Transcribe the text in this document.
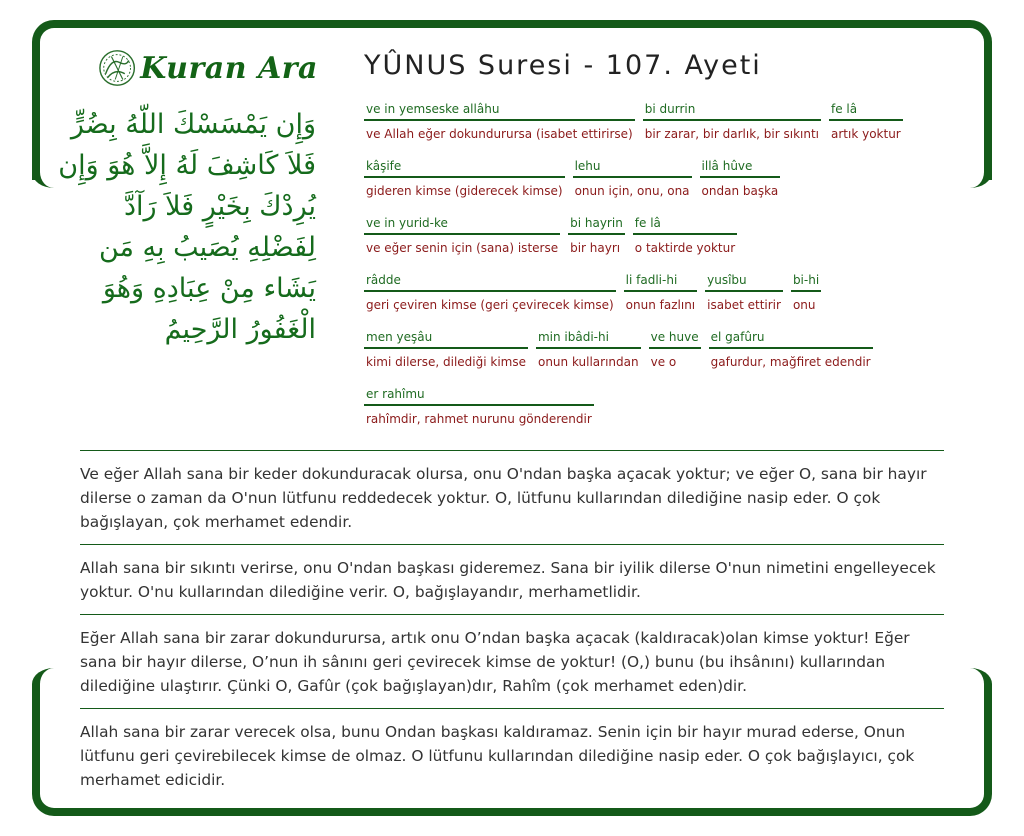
Kuran Ara
وَإِن يَمْسَسْكَ اللّهُ بِضُرٍّ فَلاَ كَاشِفَ لَهُ إِلاَّ هُوَ وَإِن يُرِدْكَ بِخَيْرٍ فَلاَ رَآدَّ لِفَضْلِهِ يُصَيبُ بِهِ مَن يَشَاء مِنْ عِبَادِهِ وَهُوَ الْغَفُورُ الرَّحِيمُ
YÛNUS Suresi - 107. Ayeti
ve in yemseske allâhu
ve Allah eğer dokundurursa (isabet ettirirse)
bi durrin
bir zarar, bir darlık, bir sıkıntı
fe lâ
artık yoktur
kâşife
gideren kimse (giderecek kimse)
lehu
onun için, onu, ona
illâ hûve
ondan başka
ve in yurid-ke
ve eğer senin için (sana) isterse
bi hayrin
bir hayrı
fe lâ
o taktirde yoktur
râdde
geri çeviren kimse (geri çevirecek kimse)
li fadli-hi
onun fazlını
yusîbu
isabet ettirir
bi-hi
onu
men yeşâu
kimi dilerse, dilediği kimse
min ibâdi-hi
onun kullarından
ve huve
ve o
el gafûru
gafurdur, mağfiret edendir
er rahîmu
rahîmdir, rahmet nurunu gönderendir

Ve eğer Allah sana bir keder dokunduracak olursa, onu O'ndan başka açacak yoktur; ve eğer O, sana bir hayır dilerse o zaman da O'nun lütfunu reddedecek yoktur. O, lütfunu kullarından dilediğine nasip eder. O çok bağışlayan, çok merhamet edendir.

Allah sana bir sıkıntı verirse, onu O'ndan başkası gideremez. Sana bir iyilik dilerse O'nun nimetini engelleyecek yoktur. O'nu kullarından dilediğine verir. O, bağışlayandır, merhametlidir.

Eğer Allah sana bir zarar dokundurursa, artık onu O’ndan başka açacak (kaldıracak)olan kimse yoktur! Eğer sana bir hayır dilerse, O’nun ih sânını geri çevirecek kimse de yoktur! (O,) bunu (bu ihsânını) kullarından dilediğine ulaştırır. Çünki O, Gafûr (çok bağışlayan)dır, Rahîm (çok merhamet eden)dir.

Allah sana bir zarar verecek olsa, bunu Ondan başkası kaldıramaz. Senin için bir hayır murad ederse, Onun lütfunu geri çevirebilecek kimse de olmaz. O lütfunu kullarından dilediğine nasip eder. O çok bağışlayıcı, çok merhamet edicidir.
